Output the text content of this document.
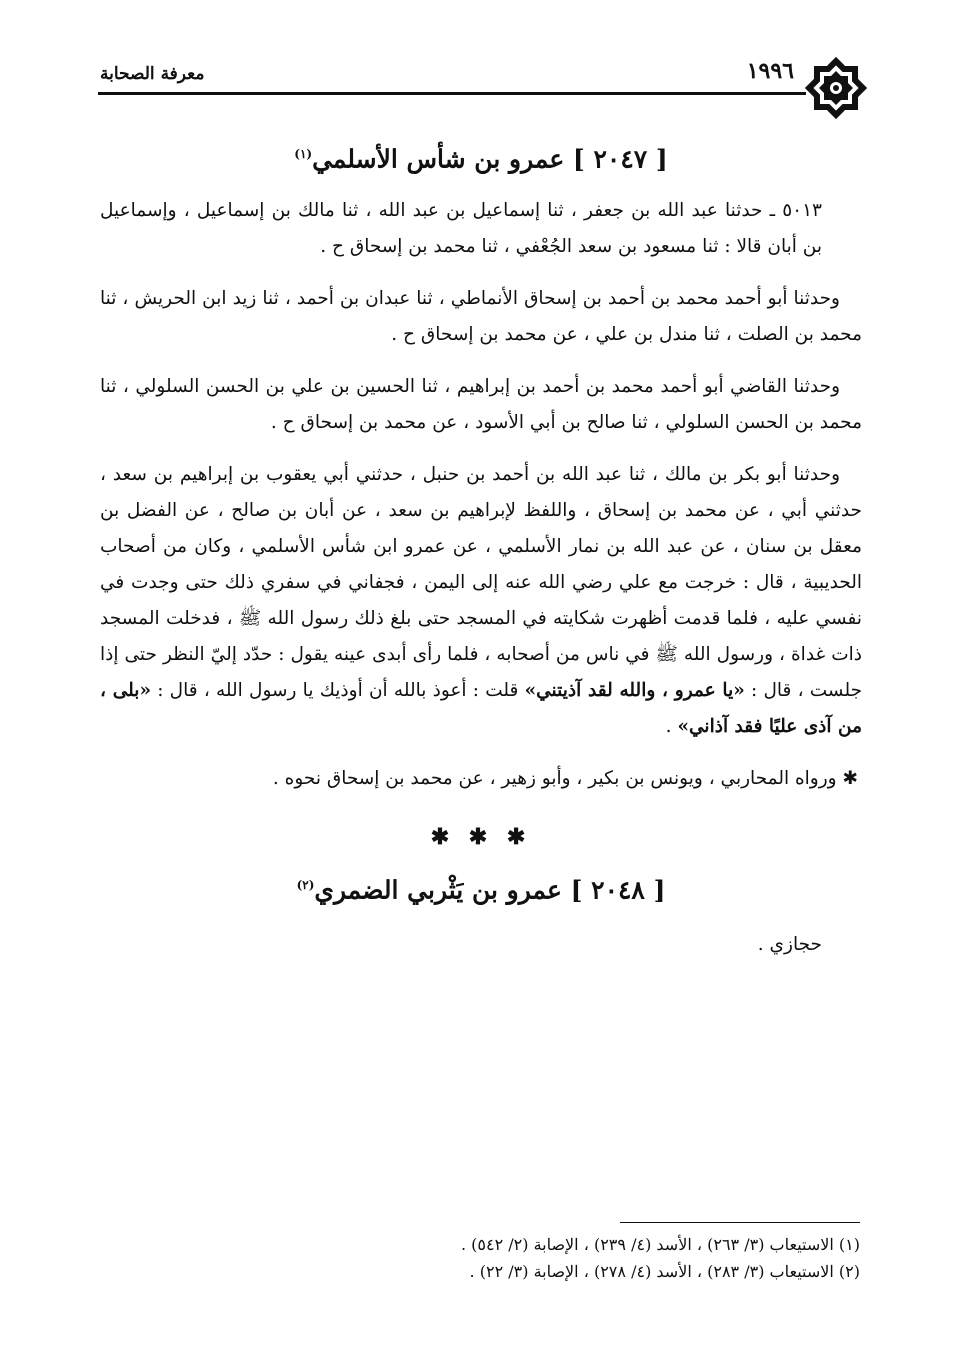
معرفة الصحابة	١٩٩٦
[ ٢٠٤٧ ] عمرو بن شأس الأسلمي$^{(١)}$

٥٠١٣ ـ حدثنا عبد الله بن جعفر ، ثنا إسماعيل بن عبد الله ، ثنا مالك بن إسماعيل ، وإسماعيل بن أبان قالا : ثنا مسعود بن سعد الجُعْفي ، ثنا محمد بن إسحاق ح .

وحدثنا أبو أحمد محمد بن أحمد بن إسحاق الأنماطي ، ثنا عبدان بن أحمد ، ثنا زيد ابن الحريش ، ثنا محمد بن الصلت ، ثنا مندل بن علي ، عن محمد بن إسحاق ح .

وحدثنا القاضي أبو أحمد محمد بن أحمد بن إبراهيم ، ثنا الحسين بن علي بن الحسن السلولي ، ثنا محمد بن الحسن السلولي ، ثنا صالح بن أبي الأسود ، عن محمد بن إسحاق ح .

وحدثنا أبو بكر بن مالك ، ثنا عبد الله بن أحمد بن حنبل ، حدثني أبي يعقوب بن إبراهيم بن سعد ، حدثني أبي ، عن محمد بن إسحاق ، واللفظ لإبراهيم بن سعد ، عن أبان بن صالح ، عن الفضل بن معقل بن سنان ، عن عبد الله بن نمار الأسلمي ، عن عمرو ابن شأس الأسلمي ، وكان من أصحاب الحديبية ، قال : خرجت مع علي رضي الله عنه إلى اليمن ، فجفاني في سفري ذلك حتى وجدت في نفسي عليه ، فلما قدمت أظهرت شكايته في المسجد حتى بلغ ذلك رسول الله ﷺ ، فدخلت المسجد ذات غداة ، ورسول الله ﷺ في ناس من أصحابه ، فلما رأى أبدى عينه يقول : حدّد إليّ النظر حتى إذا جلست ، قال : «يا عمرو ، والله لقد آذيتني» قلت : أعوذ بالله أن أوذيك يا رسول الله ، قال : «بلى ، من آذى عليًا فقد آذاني» .

✱ ورواه المحاربي ، ويونس بن بكير ، وأبو زهير ، عن محمد بن إسحاق نحوه .

✱ ✱ ✱
[ ٢٠٤٨ ] عمرو بن يَثْربي الضمري$^{(٢)}$

حجازي .

(١) الاستيعاب (٣/ ٢٦٣) ، الأسد (٤/ ٢٣٩) ، الإصابة (٢/ ٥٤٢) .
(٢) الاستيعاب (٣/ ٢٨٣) ، الأسد (٤/ ٢٧٨) ، الإصابة (٣/ ٢٢) .
